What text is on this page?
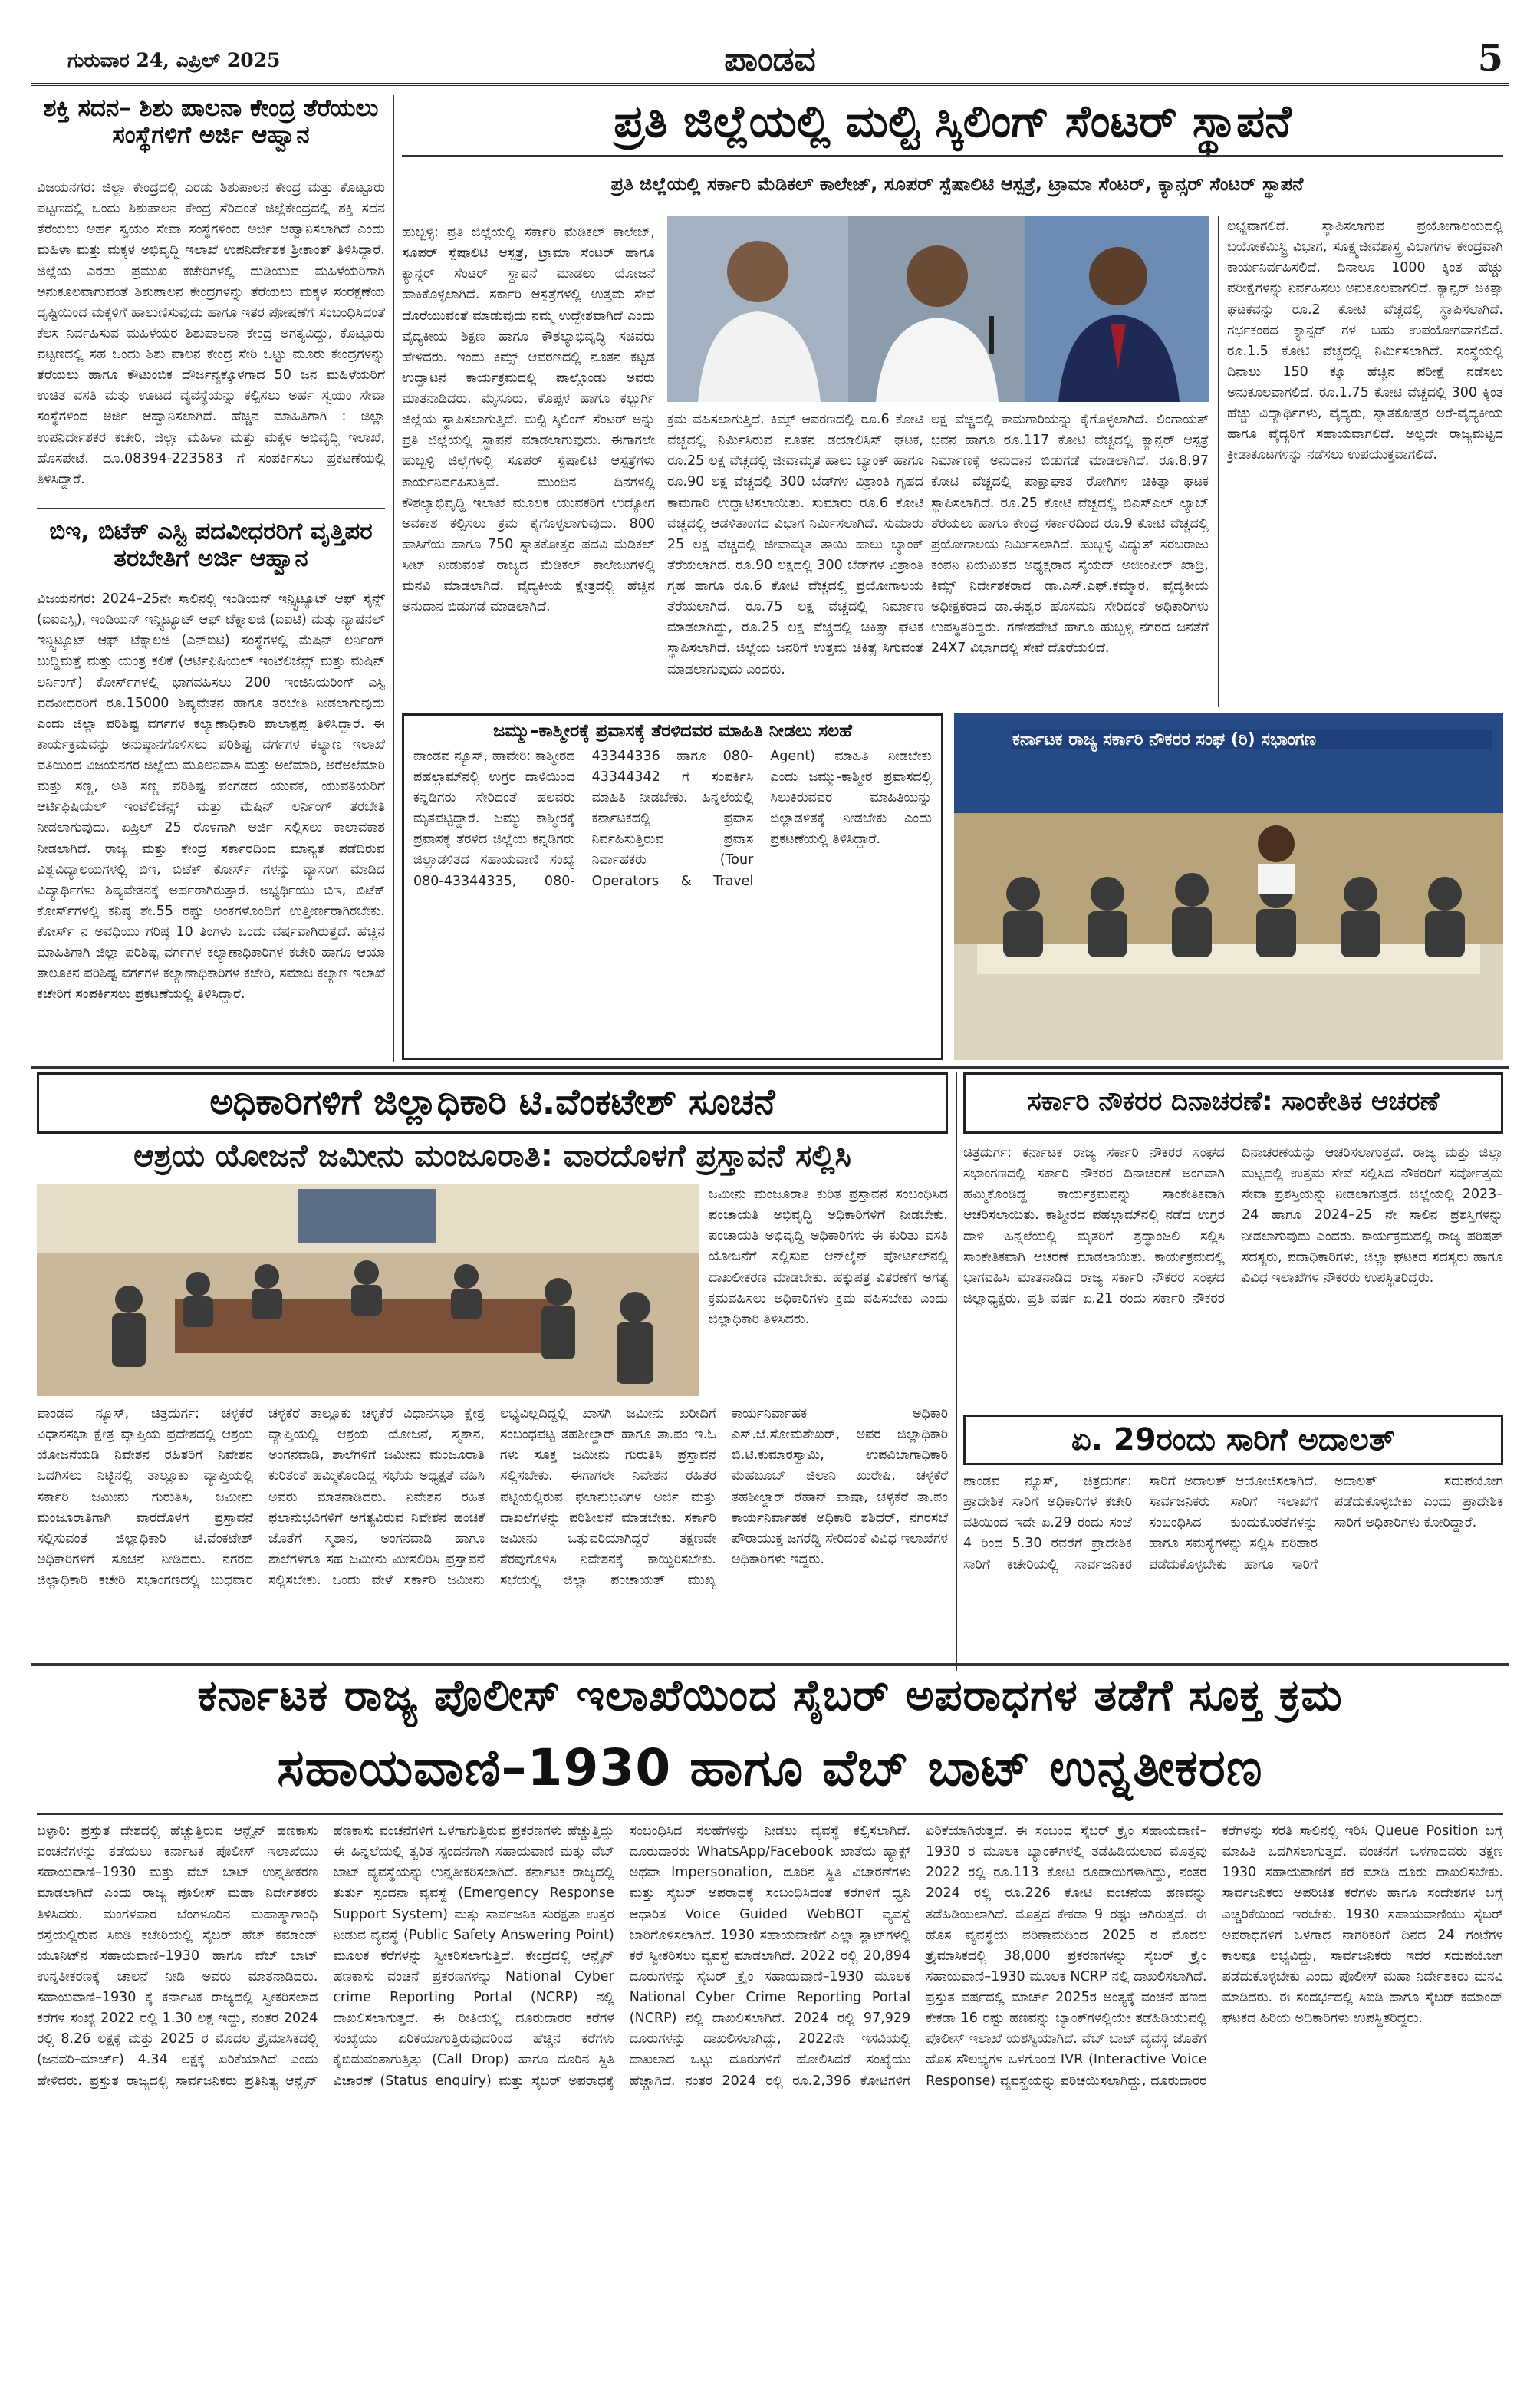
ಗುರುವಾರ 24, ಎಪ್ರಿಲ್ 2025	ಪಾಂಡವ	5
ಶಕ್ತಿ ಸದನ– ಶಿಶು ಪಾಲನಾ ಕೇಂದ್ರ ತೆರೆಯಲು ಸಂಸ್ಥೆಗಳಿಗೆ ಅರ್ಜಿ ಆಹ್ವಾನ
ವಿಜಯನಗರ: ಜಿಲ್ಲಾ ಕೇಂದ್ರದಲ್ಲಿ ಎರಡು ಶಿಶುಪಾಲನ ಕೇಂದ್ರ ಮತ್ತು ಕೊಟ್ಟೂರು ಪಟ್ಟಣದಲ್ಲಿ ಒಂದು ಶಿಶುಪಾಲನ ಕೇಂದ್ರ ಸೆರಿದಂತೆ ಜಿಲ್ಲೆಕೇಂದ್ರದಲ್ಲಿ ಶಕ್ತಿ ಸದನ ತೆರೆಯಲು ಅರ್ಹ ಸ್ವಯಂ ಸೇವಾ ಸಂಸ್ಥೆಗಳಿಂದ ಅರ್ಜಿ ಆಹ್ವಾನಿಸಲಾಗಿದೆ ಎಂದು ಮಹಿಳಾ ಮತ್ತು ಮಕ್ಕಳ ಅಭಿವೃದ್ಧಿ ಇಲಾಖೆ ಉಪನಿರ್ದೇಶಕ ಶ್ರೀಕಾಂತ್ ತಿಳಿಸಿದ್ದಾರೆ. ಜಿಲ್ಲೆಯ ಎರಡು ಪ್ರಮುಖ ಕಚೇರಿಗಳಲ್ಲಿ ದುಡಿಯುವ ಮಹಿಳೆಯರಿಗಾಗಿ ಅನುಕೂಲವಾಗುವಂತೆ ಶಿಶುಪಾಲನ ಕೇಂದ್ರಗಳನ್ನು ತೆರೆಯಲು ಮಕ್ಕಳ ಸಂರಕ್ಷಣೆಯ ದೃಷ್ಟಿಯಿಂದ ಮಕ್ಕಳಿಗೆ ಹಾಲುಣಿಸುವುದು ಹಾಗೂ ಇತರ ಪೋಷಣೆಗೆ ಸಂಬಂಧಿಸಿದಂತೆ ಕೆಲಸ ನಿರ್ವಹಿಸುವ ಮಹಿಳೆಯರ ಶಿಶುಪಾಲನಾ ಕೇಂದ್ರ ಅಗತ್ಯವಿದ್ದು, ಕೊಟ್ಟೂರು ಪಟ್ಟಣದಲ್ಲಿ ಸಹ ಒಂದು ಶಿಶು ಪಾಲನ ಕೇಂದ್ರ ಸೇರಿ ಒಟ್ಟು ಮೂರು ಕೇಂದ್ರಗಳನ್ನು ತೆರೆಯಲು ಹಾಗೂ ಕೌಟುಂಬಿಕ ದೌರ್ಜನ್ಯಕ್ಕೊಳಗಾದ 50 ಜನ ಮಹಿಳೆಯರಿಗೆ ಉಚಿತ ವಸತಿ ಮತ್ತು ಊಟದ ವ್ಯವಸ್ಥೆಯನ್ನು ಕಲ್ಪಿಸಲು ಅರ್ಹ ಸ್ವಯಂ ಸೇವಾ ಸಂಸ್ಥೆಗಳಿಂದ ಅರ್ಜಿ ಆಹ್ವಾನಿಸಲಾಗಿದೆ. ಹೆಚ್ಚಿನ ಮಾಹಿತಿಗಾಗಿ : ಜಿಲ್ಲಾ ಉಪನಿರ್ದೇಶಕರ ಕಚೇರಿ, ಜಿಲ್ಲಾ ಮಹಿಳಾ ಮತ್ತು ಮಕ್ಕಳ ಅಭಿವೃದ್ಧಿ ಇಲಾಖೆ, ಹೊಸಪೇಟೆ. ದೂ.08394-223583 ಗೆ ಸಂಪರ್ಕಿಸಲು ಪ್ರಕಟಣೆಯಲ್ಲಿ ತಿಳಿಸಿದ್ದಾರೆ.
ಬಿಇ, ಬಿಟೆಕ್ ಎಸ್ಟಿ ಪದವೀಧರರಿಗೆ ವೃತ್ತಿಪರ ತರಬೇತಿಗೆ ಅರ್ಜಿ ಆಹ್ವಾನ
ವಿಜಯನಗರ: 2024–25ನೇ ಸಾಲಿನಲ್ಲಿ ಇಂಡಿಯನ್ ಇನ್ಸ್ಟಿಟ್ಯೂಟ್ ಆಫ್ ಸೈನ್ಸ್ (ಐಐಎಸ್ಸಿ), ಇಂಡಿಯನ್ ಇನ್ಸ್ಟಿಟ್ಯೂಟ್ ಆಫ್ ಟೆಕ್ನಾಲಜಿ (ಐಐಟಿ) ಮತ್ತು ನ್ಯಾಷನಲ್ ಇನ್ಸ್ಟಿಟ್ಯೂಟ್ ಆಫ್ ಟೆಕ್ನಾಲಜಿ (ಎನ್ಐಟಿ) ಸಂಸ್ಥೆಗಳಲ್ಲಿ ಮೆಷಿನ್ ಲರ್ನಿಂಗ್ ಬುದ್ಧಿಮತ್ತೆ ಮತ್ತು ಯಂತ್ರ ಕಲಿಕೆ (ಆರ್ಟಿಫಿಷಿಯಲ್ ಇಂಟೆಲಿಜೆನ್ಸ್ ಮತ್ತು ಮೆಷಿನ್ ಲರ್ನಿಂಗ್) ಕೋರ್ಸ್‍ಗಳಲ್ಲಿ ಭಾಗವಹಿಸಲು 200 ಇಂಜಿನಿಯರಿಂಗ್ ಎಸ್ಟಿ ಪದವೀಧರರಿಗೆ ರೂ.15000 ಶಿಷ್ಯವೇತನ ಹಾಗೂ ತರಬೇತಿ ನೀಡಲಾಗುವುದು ಎಂದು ಜಿಲ್ಲಾ ಪರಿಶಿಷ್ಟ ವರ್ಗಗಳ ಕಲ್ಯಾಣಾಧಿಕಾರಿ ಪಾಲಾಕ್ಷಪ್ಪ ತಿಳಿಸಿದ್ದಾರೆ. ಈ ಕಾರ್ಯಕ್ರಮವನ್ನು ಅನುಷ್ಠಾನಗೊಳಿಸಲು ಪರಿಶಿಷ್ಟ ವರ್ಗಗಳ ಕಲ್ಯಾಣ ಇಲಾಖೆ ವತಿಯಿಂದ ವಿಜಯನಗರ ಜಿಲ್ಲೆಯ ಮೂಲನಿವಾಸಿ ಮತ್ತು ಅಲೆಮಾರಿ, ಅರೆಅಲೆಮಾರಿ ಮತ್ತು ಸಣ್ಣ, ಅತಿ ಸಣ್ಣ ಪರಿಶಿಷ್ಟ ಪಂಗಡದ ಯುವಕ, ಯುವತಿಯರಿಗೆ ಆರ್ಟಿಫಿಷಿಯಲ್ ಇಂಟೆಲಿಜೆನ್ಸ್ ಮತ್ತು ಮೆಷಿನ್ ಲರ್ನಿಂಗ್ ತರಬೇತಿ ನೀಡಲಾಗುವುದು. ಏಪ್ರಿಲ್ 25 ರೊಳಗಾಗಿ ಅರ್ಜಿ ಸಲ್ಲಿಸಲು ಕಾಲಾವಕಾಶ ನೀಡಲಾಗಿದೆ. ರಾಜ್ಯ ಮತ್ತು ಕೇಂದ್ರ ಸರ್ಕಾರದಿಂದ ಮಾನ್ಯತೆ ಪಡೆದಿರುವ ವಿಶ್ವವಿದ್ಯಾಲಯಗಳಲ್ಲಿ ಬಿಇ, ಬಿಟೆಕ್ ಕೋರ್ಸ್ ಗಳನ್ನು ವ್ಯಾಸಂಗ ಮಾಡಿದ ವಿದ್ಯಾರ್ಥಿಗಳು ಶಿಷ್ಯವೇತನಕ್ಕೆ ಅರ್ಹರಾಗಿರುತ್ತಾರೆ. ಅಭ್ಯರ್ಥಿಯು ಬಿಇ, ಬಿಟೆಕ್ ಕೋರ್ಸ್‍ಗಳಲ್ಲಿ ಕನಿಷ್ಠ ಶೇ.55 ರಷ್ಟು ಅಂಕಗಳೊಂದಿಗೆ ಉತ್ತೀರ್ಣರಾಗಿರಬೇಕು. ಕೋರ್ಸ್ ನ ಅವಧಿಯು ಗರಿಷ್ಠ 10 ತಿಂಗಳು ಒಂದು ವರ್ಷವಾಗಿರುತ್ತದೆ. ಹೆಚ್ಚಿನ ಮಾಹಿತಿಗಾಗಿ ಜಿಲ್ಲಾ ಪರಿಶಿಷ್ಟ ವರ್ಗಗಳ ಕಲ್ಯಾಣಾಧಿಕಾರಿಗಳ ಕಚೇರಿ ಹಾಗೂ ಆಯಾ ತಾಲೂಕಿನ ಪರಿಶಿಷ್ಟ ವರ್ಗಗಳ ಕಲ್ಯಾಣಾಧಿಕಾರಿಗಳ ಕಚೇರಿ, ಸಮಾಜ ಕಲ್ಯಾಣ ಇಲಾಖೆ ಕಚೇರಿಗೆ ಸಂಪರ್ಕಿಸಲು ಪ್ರಕಟಣೆಯಲ್ಲಿ ತಿಳಿಸಿದ್ದಾರೆ.
ಪ್ರತಿ ಜಿಲ್ಲೆಯಲ್ಲಿ ಮಲ್ಟಿ ಸ್ಕಿಲಿಂಗ್ ಸೆಂಟರ್ ಸ್ಥಾಪನೆ
ಪ್ರತಿ ಜಿಲ್ಲೆಯಲ್ಲಿ ಸರ್ಕಾರಿ ಮೆಡಿಕಲ್ ಕಾಲೇಜ್, ಸೂಪರ್ ಸ್ಪೆಷಾಲಿಟಿ ಆಸ್ಪತ್ರೆ, ಟ್ರಾಮಾ ಸೆಂಟರ್, ಕ್ಯಾನ್ಸರ್ ಸೆಂಟರ್ ಸ್ಥಾಪನೆ
ಹುಬ್ಬಳ್ಳಿ: ಪ್ರತಿ ಜಿಲ್ಲೆಯಲ್ಲಿ ಸರ್ಕಾರಿ ಮೆಡಿಕಲ್ ಕಾಲೇಜ್, ಸೂಪರ್ ಸ್ಪೆಷಾಲಿಟಿ ಆಸ್ಪತ್ರೆ, ಟ್ರಾಮಾ ಸೆಂಟರ್ ಹಾಗೂ ಕ್ಯಾನ್ಸರ್ ಸೆಂಟರ್ ಸ್ಥಾಪನೆ ಮಾಡಲು ಯೋಜನೆ ಹಾಕಿಕೊಳ್ಳಲಾಗಿದೆ. ಸರ್ಕಾರಿ ಆಸ್ಪತ್ರೆಗಳಲ್ಲಿ ಉತ್ತಮ ಸೇವೆ ದೊರೆಯುವಂತೆ ಮಾಡುವುದು ನಮ್ಮ ಉದ್ದೇಶವಾಗಿದೆ ಎಂದು ವೈದ್ಯಕೀಯ ಶಿಕ್ಷಣ ಹಾಗೂ ಕೌಶಲ್ಯಾಭಿವೃದ್ಧಿ ಸಚಿವರು ಹೇಳಿದರು. ಇಂದು ಕಿಮ್ಸ್ ಆವರಣದಲ್ಲಿ ನೂತನ ಕಟ್ಟಡ ಉದ್ಘಾಟನೆ ಕಾರ್ಯಕ್ರಮದಲ್ಲಿ ಪಾಲ್ಗೊಂಡು ಅವರು ಮಾತನಾಡಿದರು. ಮೈಸೂರು, ಕೊಪ್ಪಳ ಹಾಗೂ ಕಲ್ಬುರ್ಗಿ ಜಿಲ್ಲೆಯ ಸ್ಥಾಪಿಸಲಾಗುತ್ತಿದೆ. ಮಲ್ಟಿ ಸ್ಕಿಲಿಂಗ್ ಸೆಂಟರ್ ಅನ್ನು ಪ್ರತಿ ಜಿಲ್ಲೆಯಲ್ಲಿ ಸ್ಥಾಪನೆ ಮಾಡಲಾಗುವುದು. ಈಗಾಗಲೇ ಹುಬ್ಬಳ್ಳಿ ಜಿಲ್ಲೆಗಳಲ್ಲಿ ಸೂಪರ್ ಸ್ಪೆಷಾಲಿಟಿ ಆಸ್ಪತ್ರೆಗಳು ಕಾರ್ಯನಿರ್ವಹಿಸುತ್ತಿವೆ. ಮುಂದಿನ ದಿನಗಳಲ್ಲಿ ಕೌಶಲ್ಯಾಭಿವೃದ್ಧಿ ಇಲಾಖೆ ಮೂಲಕ ಯುವಕರಿಗೆ ಉದ್ಯೋಗ ಅವಕಾಶ ಕಲ್ಪಿಸಲು ಕ್ರಮ ಕೈಗೊಳ್ಳಲಾಗುವುದು. 800 ಹಾಸಿಗೆಯ ಹಾಗೂ 750 ಸ್ನಾತಕೋತ್ತರ ಪದವಿ ಮೆಡಿಕಲ್ ಸೀಟ್ ನೀಡುವಂತೆ ರಾಜ್ಯದ ಮೆಡಿಕಲ್ ಕಾಲೇಜುಗಳಲ್ಲಿ ಮನವಿ ಮಾಡಲಾಗಿದೆ. ವೈದ್ಯಕೀಯ ಕ್ಷೇತ್ರದಲ್ಲಿ ಹೆಚ್ಚಿನ ಅನುದಾನ ಬಿಡುಗಡೆ ಮಾಡಲಾಗಿದೆ.
ಕ್ರಮ ವಹಿಸಲಾಗುತ್ತಿದೆ. ಕಿಮ್ಸ್ ಆವರಣದಲ್ಲಿ ರೂ.6 ಕೋಟಿ ವೆಚ್ಚದಲ್ಲಿ ನಿರ್ಮಿಸಿರುವ ನೂತನ ಡಯಾಲಿಸಿಸ್ ಘಟಕ, ರೂ.25 ಲಕ್ಷ ವೆಚ್ಚದಲ್ಲಿ ಜೀವಾಮೃತ ಹಾಲು ಬ್ಯಾಂಕ್ ಹಾಗೂ ರೂ.90 ಲಕ್ಷ ವೆಚ್ಚದಲ್ಲಿ 300 ಬೆಡ್‍ಗಳ ವಿಶ್ರಾಂತಿ ಗೃಹದ ಕಾಮಗಾರಿ ಉದ್ಘಾಟಿಸಲಾಯಿತು. ಸುಮಾರು ರೂ.6 ಕೋಟಿ ವೆಚ್ಚದಲ್ಲಿ ಆಡಳಿತಾಂಗದ ವಿಭಾಗ ನಿರ್ಮಿಸಲಾಗಿದೆ. ಸುಮಾರು 25 ಲಕ್ಷ ವೆಚ್ಚದಲ್ಲಿ ಜೀವಾಮೃತ ತಾಯಿ ಹಾಲು ಬ್ಯಾಂಕ್ ತೆರೆಯಲಾಗಿದೆ. ರೂ.90 ಲಕ್ಷದಲ್ಲಿ 300 ಬೆಡ್‍ಗಳ ವಿಶ್ರಾಂತಿ ಗೃಹ ಹಾಗೂ ರೂ.6 ಕೋಟಿ ವೆಚ್ಚದಲ್ಲಿ ಪ್ರಯೋಗಾಲಯ ತೆರೆಯಲಾಗಿದೆ. ರೂ.75 ಲಕ್ಷ ವೆಚ್ಚದಲ್ಲಿ ನಿರ್ಮಾಣ ಮಾಡಲಾಗಿದ್ದು, ರೂ.25 ಲಕ್ಷ ವೆಚ್ಚದಲ್ಲಿ ಚಿಕಿತ್ಸಾ ಘಟಕ ಸ್ಥಾಪಿಸಲಾಗಿದೆ. ಜಿಲ್ಲೆಯ ಜನರಿಗೆ ಉತ್ತಮ ಚಿಕಿತ್ಸೆ ಸಿಗುವಂತೆ ಮಾಡಲಾಗುವುದು ಎಂದರು.
ಲಕ್ಷ ವೆಚ್ಚದಲ್ಲಿ ಕಾಮಗಾರಿಯನ್ನು ಕೈಗೊಳ್ಳಲಾಗಿದೆ. ಲಿಂಗಾಯತ್ ಭವನ ಹಾಗೂ ರೂ.117 ಕೋಟಿ ವೆಚ್ಚದಲ್ಲಿ ಕ್ಯಾನ್ಸರ್ ಆಸ್ಪತ್ರೆ ನಿರ್ಮಾಣಕ್ಕೆ ಅನುದಾನ ಬಿಡುಗಡೆ ಮಾಡಲಾಗಿದೆ. ರೂ.8.97 ಕೋಟಿ ವೆಚ್ಚದಲ್ಲಿ ಪಾಕ್ಷಾಘಾತ ರೋಗಿಗಳ ಚಿಕಿತ್ಸಾ ಘಟಕ ಸ್ಥಾಪಿಸಲಾಗಿದೆ. ರೂ.25 ಕೋಟಿ ವೆಚ್ಚದಲ್ಲಿ ಬಿಎಸ್‍ಎಲ್ ಲ್ಯಾಬ್ ತೆರೆಯಲು ಹಾಗೂ ಕೇಂದ್ರ ಸರ್ಕಾರದಿಂದ ರೂ.9 ಕೋಟಿ ವೆಚ್ಚದಲ್ಲಿ ಪ್ರಯೋಗಾಲಯ ನಿರ್ಮಿಸಲಾಗಿದೆ. ಹುಬ್ಬಳ್ಳಿ ವಿದ್ಯುತ್ ಸರಬರಾಜು ಕಂಪನಿ ನಿಯಮಿತದ ಅಧ್ಯಕ್ಷರಾದ ಸೈಯದ್ ಅಜೀಂಪೀರ್ ಖಾದ್ರಿ, ಕಿಮ್ಸ್ ನಿರ್ದೇಶಕರಾದ ಡಾ.ಎಸ್.ಎಫ್.ಕಮ್ಮಾರ, ವೈದ್ಯಕೀಯ ಅಧೀಕ್ಷಕರಾದ ಡಾ.ಈಶ್ವರ ಹೊಸಮನಿ ಸೇರಿದಂತೆ ಅಧಿಕಾರಿಗಳು ಉಪಸ್ಥಿತರಿದ್ದರು. ಗಣೇಶಪೇಟೆ ಹಾಗೂ ಹುಬ್ಬಳ್ಳಿ ನಗರದ ಜನತೆಗೆ 24X7 ವಿಭಾಗದಲ್ಲಿ ಸೇವೆ ದೊರೆಯಲಿದೆ.
ಲಭ್ಯವಾಗಲಿದೆ. ಸ್ಥಾಪಿಸಲಾಗುವ ಪ್ರಯೋಗಾಲಯದಲ್ಲಿ ಬಯೋಕೆಮಿಸ್ಟ್ರಿ ವಿಭಾಗ, ಸೂಕ್ಷ್ಮಜೀವಶಾಸ್ತ್ರ ವಿಭಾಗಗಳ ಕೇಂದ್ರವಾಗಿ ಕಾರ್ಯನಿರ್ವಹಿಸಲಿದೆ. ದಿನಾಲೂ 1000 ಕ್ಕಿಂತ ಹೆಚ್ಚು ಪರೀಕ್ಷೆಗಳನ್ನು ನಿರ್ವಹಿಸಲು ಅನುಕೂಲವಾಗಲಿದೆ. ಕ್ಯಾನ್ಸರ್ ಚಿಕಿತ್ಸಾ ಘಟಕವನ್ನು ರೂ.2 ಕೋಟಿ ವೆಚ್ಚದಲ್ಲಿ ಸ್ಥಾಪಿಸಲಾಗಿದೆ. ಗರ್ಭಕಂಠದ ಕ್ಯಾನ್ಸರ್ ಗಳ ಬಹು ಉಪಯೋಗವಾಗಲಿದೆ. ರೂ.1.5 ಕೋಟಿ ವೆಚ್ಚದಲ್ಲಿ ನಿರ್ಮಿಸಲಾಗಿದೆ. ಸಂಸ್ಥೆಯಲ್ಲಿ ದಿನಾಲು 150 ಕ್ಕೂ ಹೆಚ್ಚಿನ ಪರೀಕ್ಷೆ ನಡೆಸಲು ಅನುಕೂಲವಾಗಲಿದೆ. ರೂ.1.75 ಕೋಟಿ ವೆಚ್ಚದಲ್ಲಿ 300 ಕ್ಕಿಂತ ಹೆಚ್ಚು ವಿದ್ಯಾರ್ಥಿಗಳು, ವೈದ್ಯರು, ಸ್ನಾತಕೋತ್ತರ ಅರೆ-ವೈದ್ಯಕೀಯ ಹಾಗೂ ವೈದ್ಯರಿಗೆ ಸಹಾಯವಾಗಲಿದೆ. ಅಲ್ಲದೇ ರಾಜ್ಯಮಟ್ಟದ ಕ್ರೀಡಾಕೂಟಗಳನ್ನು ನಡೆಸಲು ಉಪಯುಕ್ತವಾಗಲಿದೆ.
ಜಮ್ಮು–ಕಾಶ್ಮೀರಕ್ಕೆ ಪ್ರವಾಸಕ್ಕೆ ತೆರಳಿದವರ ಮಾಹಿತಿ ನೀಡಲು ಸಲಹೆ
ಪಾಂಡವ ನ್ಯೂಸ್, ಹಾವೇರಿ: ಕಾಶ್ಮೀರದ ಪಹಲ್ಗಾಮ್‍ನಲ್ಲಿ ಉಗ್ರರ ದಾಳಿಯಿಂದ ಕನ್ನಡಿಗರು ಸೇರಿದಂತೆ ಹಲವರು ಮೃತಪಟ್ಟಿದ್ದಾರೆ. ಜಮ್ಮು ಕಾಶ್ಮೀರಕ್ಕೆ ಪ್ರವಾಸಕ್ಕೆ ತೆರಳಿದ ಜಿಲ್ಲೆಯ ಕನ್ನಡಿಗರು ಜಿಲ್ಲಾಡಳಿತದ ಸಹಾಯವಾಣಿ ಸಂಖ್ಯೆ 080-43344335, 080-43344336 ಹಾಗೂ 080-43344342 ಗೆ ಸಂಪರ್ಕಿಸಿ ಮಾಹಿತಿ ನೀಡಬೇಕು. ಹಿನ್ನಲೆಯಲ್ಲಿ ಕರ್ನಾಟಕದಲ್ಲಿ ಪ್ರವಾಸ ನಿರ್ವಹಿಸುತ್ತಿರುವ ಪ್ರವಾಸ ನಿರ್ವಾಹಕರು (Tour Operators & Travel Agent) ಮಾಹಿತಿ ನೀಡಬೇಕು ಎಂದು ಜಮ್ಮು-ಕಾಶ್ಮೀರ ಪ್ರವಾಸದಲ್ಲಿ ಸಿಲುಕಿರುವವರ ಮಾಹಿತಿಯನ್ನು ಜಿಲ್ಲಾಡಳಿತಕ್ಕೆ ನೀಡಬೇಕು ಎಂದು ಪ್ರಕಟಣೆಯಲ್ಲಿ ತಿಳಿಸಿದ್ದಾರೆ.
ಕರ್ನಾಟಕ ರಾಜ್ಯ ಸರ್ಕಾರಿ ನೌಕರರ ಸಂಘ (ರಿ) ಸಭಾಂಗಣ
ಅಧಿಕಾರಿಗಳಿಗೆ ಜಿಲ್ಲಾಧಿಕಾರಿ ಟಿ.ವೆಂಕಟೇಶ್ ಸೂಚನೆ
ಆಶ್ರಯ ಯೋಜನೆ ಜಮೀನು ಮಂಜೂರಾತಿ: ವಾರದೊಳಗೆ ಪ್ರಸ್ತಾವನೆ ಸಲ್ಲಿಸಿ
ಜಮೀನು ಮಂಜೂರಾತಿ ಕುರಿತ ಪ್ರಸ್ತಾವನೆ ಸಂಬಂಧಿಸಿದ ಪಂಚಾಯತಿ ಅಭಿವೃದ್ಧಿ ಅಧಿಕಾರಿಗಳಿಗೆ ನೀಡಬೇಕು. ಪಂಚಾಯತಿ ಅಭಿವೃದ್ಧಿ ಅಧಿಕಾರಿಗಳು ಈ ಕುರಿತು ವಸತಿ ಯೋಜನೆಗೆ ಸಲ್ಲಿಸುವ ಆನ್‍ಲೈನ್ ಪೋರ್ಟಲ್‍ನಲ್ಲಿ ದಾಖಲೀಕರಣ ಮಾಡಬೇಕು. ಹಕ್ಕುಪತ್ರ ವಿತರಣೆಗೆ ಅಗತ್ಯ ಕ್ರಮವಹಿಸಲು ಅಧಿಕಾರಿಗಳು ಕ್ರಮ ವಹಿಸಬೇಕು ಎಂದು ಜಿಲ್ಲಾಧಿಕಾರಿ ತಿಳಿಸಿದರು.
ಪಾಂಡವ ನ್ಯೂಸ್, ಚಿತ್ರದುರ್ಗ: ಚಳ್ಳಕೆರೆ ವಿಧಾನಸಭಾ ಕ್ಷೇತ್ರ ವ್ಯಾಪ್ತಿಯ ಪ್ರದೇಶದಲ್ಲಿ ಆಶ್ರಯ ಯೋಜನೆಯಡಿ ನಿವೇಶನ ರಹಿತರಿಗೆ ನಿವೇಶನ ಒದಗಿಸಲು ನಿಟ್ಟಿನಲ್ಲಿ ತಾಲ್ಲೂಕು ವ್ಯಾಪ್ತಿಯಲ್ಲಿ ಸರ್ಕಾರಿ ಜಮೀನು ಗುರುತಿಸಿ, ಜಮೀನು ಮಂಜೂರಾತಿಗಾಗಿ ವಾರದೊಳಗೆ ಪ್ರಸ್ತಾವನೆ ಸಲ್ಲಿಸುವಂತೆ ಜಿಲ್ಲಾಧಿಕಾರಿ ಟಿ.ವೆಂಕಟೇಶ್ ಅಧಿಕಾರಿಗಳಿಗೆ ಸೂಚನೆ ನೀಡಿದರು. ನಗರದ ಜಿಲ್ಲಾಧಿಕಾರಿ ಕಚೇರಿ ಸಭಾಂಗಣದಲ್ಲಿ ಬುಧವಾರ ಚಳ್ಳಕೆರೆ ತಾಲ್ಲೂಕು ಚಳ್ಳಕೆರೆ ವಿಧಾನಸಭಾ ಕ್ಷೇತ್ರ ವ್ಯಾಪ್ತಿಯಲ್ಲಿ ಆಶ್ರಯ ಯೋಜನೆ, ಸ್ಮಶಾನ, ಅಂಗನವಾಡಿ, ಶಾಲೆಗಳಿಗೆ ಜಮೀನು ಮಂಜೂರಾತಿ ಕುರಿತಂತೆ ಹಮ್ಮಿಕೊಂಡಿದ್ದ ಸಭೆಯ ಅಧ್ಯಕ್ಷತೆ ವಹಿಸಿ ಅವರು ಮಾತನಾಡಿದರು. ನಿವೇಶನ ರಹಿತ ಫಲಾನುಭವಿಗಳಿಗೆ ಅಗತ್ಯವಿರುವ ನಿವೇಶನ ಹಂಚಿಕೆ ಜೊತೆಗೆ ಸ್ಮಶಾನ, ಅಂಗನವಾಡಿ ಹಾಗೂ ಶಾಲೆಗಳಿಗೂ ಸಹ ಜಮೀನು ಮೀಸಲಿರಿಸಿ ಪ್ರಸ್ತಾವನೆ ಸಲ್ಲಿಸಬೇಕು. ಒಂದು ವೇಳೆ ಸರ್ಕಾರಿ ಜಮೀನು ಲಭ್ಯವಿಲ್ಲದಿದ್ದಲ್ಲಿ ಖಾಸಗಿ ಜಮೀನು ಖರೀದಿಗೆ ಸಂಬಂಧಪಟ್ಟ ತಹಶೀಲ್ದಾರ್ ಹಾಗೂ ತಾ.ಪಂ ಇ.ಓ ಗಳು ಸೂಕ್ತ ಜಮೀನು ಗುರುತಿಸಿ ಪ್ರಸ್ತಾವನೆ ಸಲ್ಲಿಸಬೇಕು. ಈಗಾಗಲೇ ನಿವೇಶನ ರಹಿತರ ಪಟ್ಟಿಯಲ್ಲಿರುವ ಫಲಾನುಭವಿಗಳ ಅರ್ಜಿ ಮತ್ತು ದಾಖಲೆಗಳನ್ನು ಪರಿಶೀಲನೆ ಮಾಡಬೇಕು. ಸರ್ಕಾರಿ ಜಮೀನು ಒತ್ತುವರಿಯಾಗಿದ್ದರೆ ತಕ್ಷಣವೇ ತೆರವುಗೊಳಿಸಿ ನಿವೇಶನಕ್ಕೆ ಕಾಯ್ದಿರಿಸಬೇಕು. ಸಭೆಯಲ್ಲಿ ಜಿಲ್ಲಾ ಪಂಚಾಯತ್ ಮುಖ್ಯ ಕಾರ್ಯನಿರ್ವಾಹಕ ಅಧಿಕಾರಿ ಎಸ್.ಜೆ.ಸೋಮಶೇಖರ್, ಅಪರ ಜಿಲ್ಲಾಧಿಕಾರಿ ಬಿ.ಟಿ.ಕುಮಾರಸ್ವಾಮಿ, ಉಪವಿಭಾಗಾಧಿಕಾರಿ ಮೆಹಬೂಬ್ ಜಿಲಾನಿ ಖುರೇಷಿ, ಚಳ್ಳಕೆರೆ ತಹಶೀಲ್ದಾರ್ ರೆಹಾನ್ ಪಾಷಾ, ಚಳ್ಳಕೆರೆ ತಾ.ಪಂ ಕಾರ್ಯನಿರ್ವಾಹಕ ಅಧಿಕಾರಿ ಶಶಿಧರ್, ನಗರಸಭೆ ಪೌರಾಯುಕ್ತ ಜಗರೆಡ್ಡಿ ಸೇರಿದಂತೆ ವಿವಿಧ ಇಲಾಖೆಗಳ ಅಧಿಕಾರಿಗಳು ಇದ್ದರು.
ಸರ್ಕಾರಿ ನೌಕರರ ದಿನಾಚರಣೆ: ಸಾಂಕೇತಿಕ ಆಚರಣೆ
ಚಿತ್ರದುರ್ಗ: ಕರ್ನಾಟಕ ರಾಜ್ಯ ಸರ್ಕಾರಿ ನೌಕರರ ಸಂಘದ ಸಭಾಂಗಣದಲ್ಲಿ ಸರ್ಕಾರಿ ನೌಕರರ ದಿನಾಚರಣೆ ಅಂಗವಾಗಿ ಹಮ್ಮಿಕೊಂಡಿದ್ದ ಕಾರ್ಯಕ್ರಮವನ್ನು ಸಾಂಕೇತಿಕವಾಗಿ ಆಚರಿಸಲಾಯಿತು. ಕಾಶ್ಮೀರದ ಪಹಲ್ಗಾಮ್‍ನಲ್ಲಿ ನಡೆದ ಉಗ್ರರ ದಾಳಿ ಹಿನ್ನಲೆಯಲ್ಲಿ ಮೃತರಿಗೆ ಶ್ರದ್ಧಾಂಜಲಿ ಸಲ್ಲಿಸಿ ಸಾಂಕೇತಿಕವಾಗಿ ಆಚರಣೆ ಮಾಡಲಾಯಿತು. ಕಾರ್ಯಕ್ರಮದಲ್ಲಿ ಭಾಗವಹಿಸಿ ಮಾತನಾಡಿದ ರಾಜ್ಯ ಸರ್ಕಾರಿ ನೌಕರರ ಸಂಘದ ಜಿಲ್ಲಾಧ್ಯಕ್ಷರು, ಪ್ರತಿ ವರ್ಷ ಏ.21 ರಂದು ಸರ್ಕಾರಿ ನೌಕರರ ದಿನಾಚರಣೆಯನ್ನು ಆಚರಿಸಲಾಗುತ್ತದೆ. ರಾಜ್ಯ ಮತ್ತು ಜಿಲ್ಲಾ ಮಟ್ಟದಲ್ಲಿ ಉತ್ತಮ ಸೇವೆ ಸಲ್ಲಿಸಿದ ನೌಕರರಿಗೆ ಸರ್ವೋತ್ತಮ ಸೇವಾ ಪ್ರಶಸ್ತಿಯನ್ನು ನೀಡಲಾಗುತ್ತದೆ. ಜಿಲ್ಲೆಯಲ್ಲಿ 2023–24 ಹಾಗೂ 2024–25 ನೇ ಸಾಲಿನ ಪ್ರಶಸ್ತಿಗಳನ್ನು ನೀಡಲಾಗುವುದು ಎಂದರು. ಕಾರ್ಯಕ್ರಮದಲ್ಲಿ ರಾಜ್ಯ ಪರಿಷತ್ ಸದಸ್ಯರು, ಪದಾಧಿಕಾರಿಗಳು, ಜಿಲ್ಲಾ ಘಟಕದ ಸದಸ್ಯರು ಹಾಗೂ ವಿವಿಧ ಇಲಾಖೆಗಳ ನೌಕರರು ಉಪಸ್ಥಿತರಿದ್ದರು.
ಏ. 29ರಂದು ಸಾರಿಗೆ ಅದಾಲತ್
ಪಾಂಡವ ನ್ಯೂಸ್, ಚಿತ್ರದುರ್ಗ: ಪ್ರಾದೇಶಿಕ ಸಾರಿಗೆ ಅಧಿಕಾರಿಗಳ ಕಚೇರಿ ವತಿಯಿಂದ ಇದೇ ಏ.29 ರಂದು ಸಂಜೆ 4 ರಿಂದ 5.30 ರವರೆಗೆ ಪ್ರಾದೇಶಿಕ ಸಾರಿಗೆ ಕಚೇರಿಯಲ್ಲಿ ಸಾರ್ವಜನಿಕರ ಸಾರಿಗೆ ಅದಾಲತ್ ಆಯೋಜಿಸಲಾಗಿದೆ. ಸಾರ್ವಜನಿಕರು ಸಾರಿಗೆ ಇಲಾಖೆಗೆ ಸಂಬಂಧಿಸಿದ ಕುಂದುಕೊರತೆಗಳನ್ನು ಹಾಗೂ ಸಮಸ್ಯೆಗಳನ್ನು ಸಲ್ಲಿಸಿ ಪರಿಹಾರ ಪಡೆದುಕೊಳ್ಳಬೇಕು ಹಾಗೂ ಸಾರಿಗೆ ಅದಾಲತ್ ಸದುಪಯೋಗ ಪಡೆದುಕೊಳ್ಳಬೇಕು ಎಂದು ಪ್ರಾದೇಶಿಕ ಸಾರಿಗೆ ಅಧಿಕಾರಿಗಳು ಕೋರಿದ್ದಾರೆ.
ಕರ್ನಾಟಕ ರಾಜ್ಯ ಪೊಲೀಸ್ ಇಲಾಖೆಯಿಂದ ಸೈಬರ್ ಅಪರಾಧಗಳ ತಡೆಗೆ ಸೂಕ್ತ ಕ್ರಮ
ಸಹಾಯವಾಣಿ–1930 ಹಾಗೂ ವೆಬ್ ಬಾಟ್ ಉನ್ನತೀಕರಣ
ಬಳ್ಳಾರಿ: ಪ್ರಸ್ತುತ ದೇಶದಲ್ಲಿ ಹೆಚ್ಚುತ್ತಿರುವ ಆನ್ಲೈನ್ ಹಣಕಾಸು ವಂಚನೆಗಳನ್ನು ತಡೆಯಲು ಕರ್ನಾಟಕ ಪೊಲೀಸ್ ಇಲಾಖೆಯು ಸಹಾಯವಾಣಿ–1930 ಮತ್ತು ವೆಬ್ ಬಾಟ್ ಉನ್ನತೀಕರಣ ಮಾಡಲಾಗಿದೆ ಎಂದು ರಾಜ್ಯ ಪೊಲೀಸ್ ಮಹಾ ನಿರ್ದೇಶಕರು ತಿಳಿಸಿದರು. ಮಂಗಳವಾರ ಬೆಂಗಳೂರಿನ ಮಹಾತ್ಮಾಗಾಂಧಿ ರಸ್ತೆಯಲ್ಲಿರುವ ಸಿಐಡಿ ಕಚೇರಿಯಲ್ಲಿ ಸೈಬರ್ ಹೆಚ್ ಕಮಾಂಡ್ ಯೂನಿಟ್‍ನ ಸಹಾಯವಾಣಿ–1930 ಹಾಗೂ ವೆಬ್ ಬಾಟ್ ಉನ್ನತೀಕರಣಕ್ಕೆ ಚಾಲನೆ ನೀಡಿ ಅವರು ಮಾತನಾಡಿದರು. ಸಹಾಯವಾಣಿ–1930 ಕ್ಕೆ ಕರ್ನಾಟಕ ರಾಜ್ಯದಲ್ಲಿ ಸ್ವೀಕರಿಸಲಾದ ಕರೆಗಳ ಸಂಖ್ಯೆ 2022 ರಲ್ಲಿ 1.30 ಲಕ್ಷ ಇದ್ದು, ನಂತರ 2024 ರಲ್ಲಿ 8.26 ಲಕ್ಷಕ್ಕೆ ಮತ್ತು 2025 ರ ಮೊದಲ ತ್ರೈಮಾಸಿಕದಲ್ಲಿ (ಜನವರಿ–ಮಾರ್ಚ್) 4.34 ಲಕ್ಷಕ್ಕೆ ಏರಿಕೆಯಾಗಿದೆ ಎಂದು ಹೇಳಿದರು. ಪ್ರಸ್ತುತ ರಾಜ್ಯದಲ್ಲಿ ಸಾರ್ವಜನಿಕರು ಪ್ರತಿನಿತ್ಯ ಆನ್ಲೈನ್ ಹಣಕಾಸು ವಂಚನೆಗಳಿಗೆ ಒಳಗಾಗುತ್ತಿರುವ ಪ್ರಕರಣಗಳು ಹೆಚ್ಚುತ್ತಿದ್ದು ಈ ಹಿನ್ನಲೆಯಲ್ಲಿ ತ್ವರಿತ ಸ್ಪಂದನೆಗಾಗಿ ಸಹಾಯವಾಣಿ ಮತ್ತು ವೆಬ್ ಬಾಟ್ ವ್ಯವಸ್ಥೆಯನ್ನು ಉನ್ನತೀಕರಿಸಲಾಗಿದೆ. ಕರ್ನಾಟಕ ರಾಜ್ಯದಲ್ಲಿ ತುರ್ತು ಸ್ಪಂದನಾ ವ್ಯವಸ್ಥೆ (Emergency Response Support System) ಮತ್ತು ಸಾರ್ವಜನಿಕ ಸುರಕ್ಷತಾ ಉತ್ತರ ನೀಡುವ ವ್ಯವಸ್ಥೆ (Public Safety Answering Point) ಮೂಲಕ ಕರೆಗಳನ್ನು ಸ್ವೀಕರಿಸಲಾಗುತ್ತಿದೆ. ಕೇಂದ್ರದಲ್ಲಿ ಆನ್ಲೈನ್ ಹಣಕಾಸು ವಂಚನೆ ಪ್ರಕರಣಗಳನ್ನು National Cyber crime Reporting Portal (NCRP) ನಲ್ಲಿ ದಾಖಲಿಸಲಾಗುತ್ತದೆ. ಈ ರೀತಿಯಲ್ಲಿ ದೂರುದಾರರ ಕರೆಗಳ ಸಂಖ್ಯೆಯು ಏರಿಕೆಯಾಗುತ್ತಿರುವುದರಿಂದ ಹೆಚ್ಚಿನ ಕರೆಗಳು ಕೈಬಿಡುವಂತಾಗುತ್ತಿತ್ತು (Call Drop) ಹಾಗೂ ದೂರಿನ ಸ್ಥಿತಿ ವಿಚಾರಣೆ (Status enquiry) ಮತ್ತು ಸೈಬರ್ ಅಪರಾಧಕ್ಕೆ ಸಂಬಂಧಿಸಿದ ಸಲಹೆಗಳನ್ನು ನೀಡಲು ವ್ಯವಸ್ಥೆ ಕಲ್ಪಿಸಲಾಗಿದೆ. ದೂರುದಾರರು WhatsApp/Facebook ಖಾತೆಯ ಹ್ಯಾಕ್ಸ್ ಅಥವಾ Impersonation, ದೂರಿನ ಸ್ಥಿತಿ ವಿಚಾರಣೆಗಳು ಮತ್ತು ಸೈಬರ್ ಅಪರಾಧಕ್ಕೆ ಸಂಬಂಧಿಸಿದಂತೆ ಕರೆಗಳಿಗೆ ಧ್ವನಿ ಆಧಾರಿತ Voice Guided WebBOT ವ್ಯವಸ್ಥೆ ಜಾರಿಗೊಳಿಸಲಾಗಿದೆ. 1930 ಸಹಾಯವಾಣಿಗೆ ಎಲ್ಲಾ ಸ್ಲಾಟ್‍ಗಳಲ್ಲಿ ಕರೆ ಸ್ವೀಕರಿಸಲು ವ್ಯವಸ್ಥೆ ಮಾಡಲಾಗಿದೆ. 2022 ರಲ್ಲಿ 20,894 ದೂರುಗಳನ್ನು ಸೈಬರ್ ಕ್ರೈಂ ಸಹಾಯವಾಣಿ–1930 ಮೂಲಕ National Cyber Crime Reporting Portal (NCRP) ನಲ್ಲಿ ದಾಖಲಿಸಲಾಗಿದೆ. 2024 ರಲ್ಲಿ 97,929 ದೂರುಗಳನ್ನು ದಾಖಲಿಸಲಾಗಿದ್ದು, 2022ನೇ ಇಸವಿಯಲ್ಲಿ ದಾಖಲಾದ ಒಟ್ಟು ದೂರುಗಳಿಗೆ ಹೋಲಿಸಿದರೆ ಸಂಖ್ಯೆಯು ಹೆಚ್ಚಾಗಿದೆ. ನಂತರ 2024 ರಲ್ಲಿ ರೂ.2,396 ಕೋಟಿಗಳಿಗೆ ಏರಿಕೆಯಾಗಿರುತ್ತದೆ. ಈ ಸಂಬಂಧ ಸೈಬರ್ ಕ್ರೈಂ ಸಹಾಯವಾಣಿ–1930 ರ ಮೂಲಕ ಬ್ಯಾಂಕ್‍ಗಳಲ್ಲಿ ತಡೆಹಿಡಿಯಲಾದ ಮೊತ್ತವು 2022 ರಲ್ಲಿ ರೂ.113 ಕೋಟಿ ರೂಪಾಯಿಗಳಾಗಿದ್ದು, ನಂತರ 2024 ರಲ್ಲಿ ರೂ.226 ಕೋಟಿ ವಂಚನೆಯ ಹಣವನ್ನು ತಡೆಹಿಡಿಯಲಾಗಿದೆ. ಮೊತ್ತದ ಕೇಕಡಾ 9 ರಷ್ಟು ಆಗಿರುತ್ತದೆ. ಈ ಹೊಸ ವ್ಯವಸ್ಥೆಯ ಪರಿಣಾಮದಿಂದ 2025 ರ ಮೊದಲ ತ್ರೈಮಾಸಿಕದಲ್ಲಿ 38,000 ಪ್ರಕರಣಗಳನ್ನು ಸೈಬರ್ ಕ್ರೈಂ ಸಹಾಯವಾಣಿ–1930 ಮೂಲಕ NCRP ನಲ್ಲಿ ದಾಖಲಿಸಲಾಗಿದೆ. ಪ್ರಸ್ತುತ ವರ್ಷದಲ್ಲಿ ಮಾರ್ಚ್ 2025ರ ಅಂತ್ಯಕ್ಕೆ ವಂಚನೆ ಹಣದ ಕೇಕಡಾ 16 ರಷ್ಟು ಹಣವನ್ನು ಬ್ಯಾಂಕ್‍ಗಳಲ್ಲಿಯೇ ತಡೆಹಿಡಿಯುವಲ್ಲಿ ಪೊಲೀಸ್ ಇಲಾಖೆ ಯಶಸ್ವಿಯಾಗಿದೆ. ವೆಬ್ ಬಾಟ್ ವ್ಯವಸ್ಥೆ ಜೊತೆಗೆ ಹೊಸ ಸೌಲಭ್ಯಗಳ ಒಳಗೊಂಡ IVR (Interactive Voice Response) ವ್ಯವಸ್ಥೆಯನ್ನು ಪರಿಚಯಿಸಲಾಗಿದ್ದು, ದೂರುದಾರರ ಕರೆಗಳನ್ನು ಸರತಿ ಸಾಲಿನಲ್ಲಿ ಇರಿಸಿ Queue Position ಬಗ್ಗೆ ಮಾಹಿತಿ ಒದಗಿಸಲಾಗುತ್ತದೆ. ವಂಚನೆಗೆ ಒಳಗಾದವರು ತಕ್ಷಣ 1930 ಸಹಾಯವಾಣಿಗೆ ಕರೆ ಮಾಡಿ ದೂರು ದಾಖಲಿಸಬೇಕು. ಸಾರ್ವಜನಿಕರು ಅಪರಿಚಿತ ಕರೆಗಳು ಹಾಗೂ ಸಂದೇಶಗಳ ಬಗ್ಗೆ ಎಚ್ಚರಿಕೆಯಿಂದ ಇರಬೇಕು. 1930 ಸಹಾಯವಾಣಿಯು ಸೈಬರ್ ಅಪರಾಧಗಳಿಗೆ ಒಳಗಾದ ನಾಗರಿಕರಿಗೆ ದಿನದ 24 ಗಂಟೆಗಳ ಕಾಲವೂ ಲಭ್ಯವಿದ್ದು, ಸಾರ್ವಜನಿಕರು ಇದರ ಸದುಪಯೋಗ ಪಡೆದುಕೊಳ್ಳಬೇಕು ಎಂದು ಪೊಲೀಸ್ ಮಹಾ ನಿರ್ದೇಶಕರು ಮನವಿ ಮಾಡಿದರು. ಈ ಸಂದರ್ಭದಲ್ಲಿ ಸಿಐಡಿ ಹಾಗೂ ಸೈಬರ್ ಕಮಾಂಡ್ ಘಟಕದ ಹಿರಿಯ ಅಧಿಕಾರಿಗಳು ಉಪಸ್ಥಿತರಿದ್ದರು.
